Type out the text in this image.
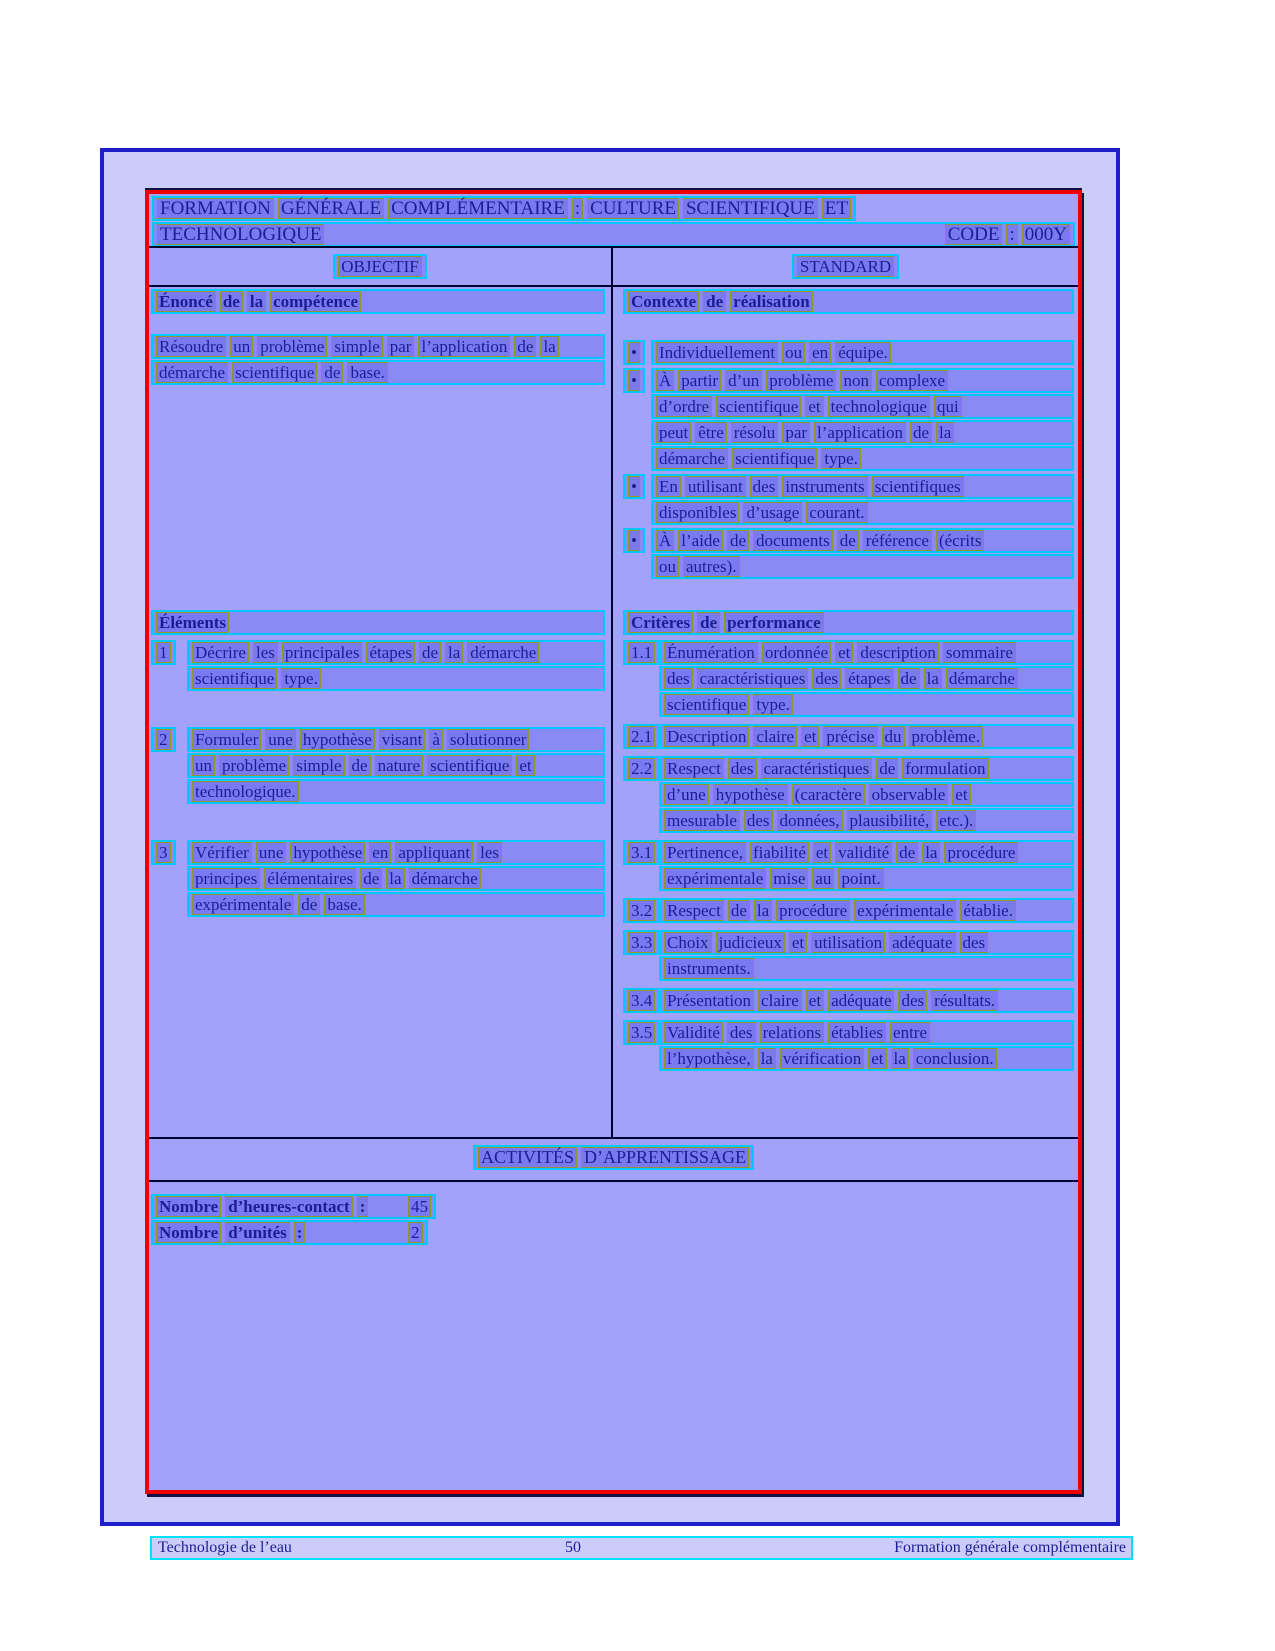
FORMATION GÉNÉRALE COMPLÉMENTAIRE : CULTURE SCIENTIFIQUE ET
TECHNOLOGIQUE	CODE : 000Y
OBJECTIF	STANDARD
Énoncé de la compétence
Résoudre un problème simple par l’application de la
démarche scientifique de base.
Contexte de réalisation
•	Individuellement ou en équipe.
•	À partir d’un problème non complexe
d’ordre scientifique et technologique qui
peut être résolu par l’application de la
démarche scientifique type.
•	En utilisant des instruments scientifiques
disponibles d’usage courant.
•	À l’aide de documents de référence (écrits
ou autres).
Éléments
1	Décrire les principales étapes de la démarche
scientifique type.
2	Formuler une hypothèse visant à solutionner
un problème simple de nature scientifique et
technologique.
3	Vérifier une hypothèse en appliquant les
principes élémentaires de la démarche
expérimentale de base.
Critères de performance
1.1 Énumération ordonnée et description sommaire
des caractéristiques des étapes de la démarche
scientifique type.
2.1 Description claire et précise du problème.
2.2 Respect des caractéristiques de formulation
d’une hypothèse (caractère observable et
mesurable des données, plausibilité, etc.).
3.1 Pertinence, fiabilité et validité de la procédure
expérimentale mise au point.
3.2 Respect de la procédure expérimentale établie.
3.3 Choix judicieux et utilisation adéquate des
instruments.
3.4 Présentation claire et adéquate des résultats.
3.5 Validité des relations établies entre
l’hypothèse, la vérification et la conclusion.
ACTIVITÉS D’APPRENTISSAGE
Nombre d’heures-contact :	45
Nombre d’unités :	2
Technologie de l’eau	50	Formation générale complémentaire
